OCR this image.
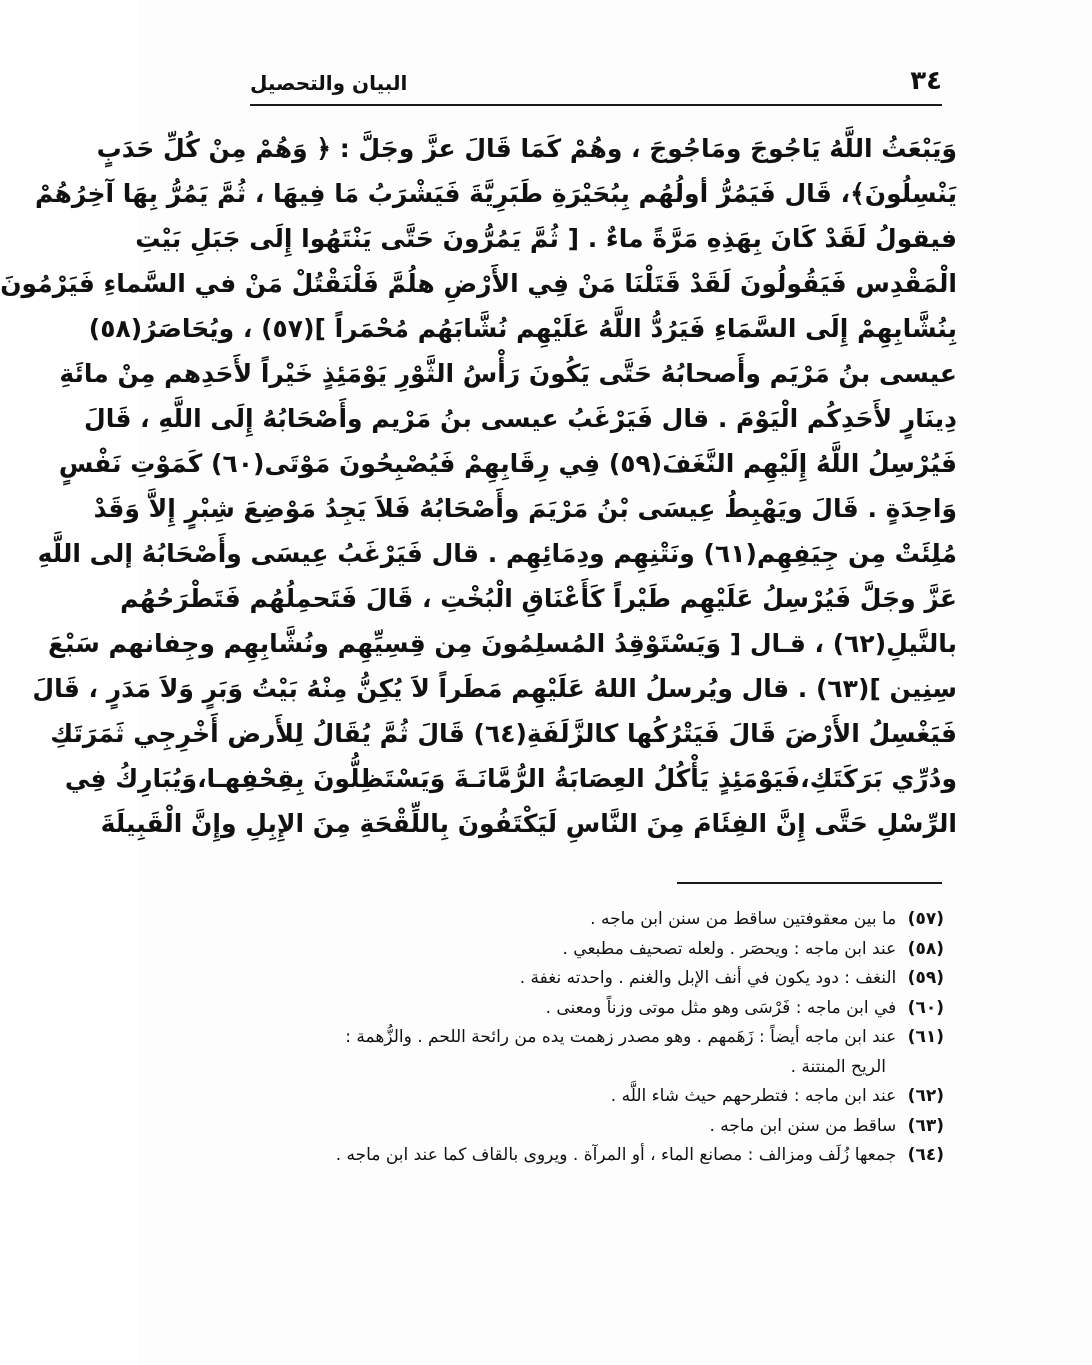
٣٤
البيان والتحصيل
وَيَبْعَثُ اللَّهُ يَاجُوجَ ومَاجُوجَ ، وهُمْ كَمَا قَالَ عزَّ وجَلَّ : ﴿ وَهُمْ مِنْ كُلِّ حَدَبٍ
يَنْسِلُونَ﴾، قَال فَيَمُرُّ أولُهُم بِبُحَيْرَةِ طَبَرِيَّةَ فَيَشْرَبُ مَا فِيهَا ، ثُمَّ يَمُرُّ بِهَا آخِرُهُمْ
فيقولُ لَقَدْ كَانَ بِهَذِهِ مَرَّةً ماءٌ . [ ثُمَّ يَمُرُّونَ حَتَّى يَنْتَهُوا إِلَى جَبَلِ بَيْتِ
الْمَقْدِس فَيَقُولُونَ لَقَدْ قَتَلْنَا مَنْ فِي الأَرْضِ هلُمَّ فَلْنَقْتُلْ مَنْ في السَّماءِ فَيَرْمُونَ
بِنُشَّابِهِمْ إِلَى السَّمَاءِ فَيَرُدُّ اللَّهُ عَلَيْهِم نُشَّابَهُم مُحْمَراً ](٥٧) ، ويُحَاصَرُ(٥٨)
عيسى بنُ مَرْيَم وأَصحابُهُ حَتَّى يَكُونَ رَأْسُ الثَّوْرِ يَوْمَئِذٍ خَيْراً لأَحَدِهم مِنْ مائَةِ
دِينَارٍ لأَحَدِكُم الْيَوْمَ . قال فَيَرْغَبُ عيسى بنُ مَرْيم وأَصْحَابُهُ إِلَى اللَّهِ ، قَالَ
فَيُرْسِلُ اللَّهُ إِلَيْهِم النَّغَفَ(٥٩) فِي رِقَابِهِمْ فَيُصْبِحُونَ مَوْتَى(٦٠) كَمَوْتِ نَفْسٍ
وَاحِدَةٍ . قَالَ ويَهْبِطُ عِيسَى بْنُ مَرْيَمَ وأَصْحَابُهُ فَلاَ يَجِدُ مَوْضِعَ شِبْرٍ إِلاَّ وَقَدْ
مُلِئَتْ مِن جِيَفِهِم(٦١) ونَتْنِهِم ودِمَائِهِم . قال فَيَرْغَبُ عِيسَى وأَصْحَابُهُ إلى اللَّهِ
عَزَّ وجَلَّ فَيُرْسِلُ عَلَيْهِم طَيْراً كَأَعْنَاقِ الْبُخْتِ ، قَالَ فَتَحمِلُهُم فَتَطْرَحُهُم
بالنَّيلِ(٦٢) ، قـال [ وَيَسْتَوْقِدُ المُسلِمُونَ مِن قِسِيِّهِم ونُشَّابِهِم وجِفانهم سَبْعَ
سِنِين ](٦٣) . قال ويُرسلُ اللهُ عَلَيْهِم مَطَراً لاَ يُكِنُّ مِنْهُ بَيْتُ وَبَرٍ وَلاَ مَدَرٍ ، قَالَ
فَيَغْسِلُ الأَرْضَ قَالَ فَيَتْرُكُها كالزَّلَفَةِ(٦٤) قَالَ ثُمَّ يُقَالُ لِلأَرض أَخْرِجِي ثَمَرَتَكِ
ودُرِّي بَرَكَتَكِ،فَيَوْمَئِذٍ يَأْكُلُ العِصَابَةُ الرُّمَّانَـةَ وَيَسْتَظِلُّونَ بِقِحْفِهـا،وَيُبَارِكُ فِي
الرِّسْلِ حَتَّى إِنَّ الفِئَامَ مِنَ النَّاسِ لَيَكْتَفُونَ بِاللِّقْحَةِ مِنَ الإِبِلِ وإِنَّ الْقَبِيلَةَ
(٥٧) ما بين معقوفتين ساقط من سنن ابن ماجه .
(٥٨) عند ابن ماجه : ويحصَر . ولعله تصحيف مطبعي .
(٥٩) النغف : دود يكون في أنف الإبل والغنم . واحدته نغفة .
(٦٠) في ابن ماجه : فَرْسَى وهو مثل موتى وزناً ومعنى .
(٦١) عند ابن ماجه أيضاً : زَهَمهم . وهو مصدر زهمت يده من رائحة اللحم . والزُّهمة :
الريح المنتنة .
(٦٢) عند ابن ماجه : فتطرحهم حيث شاء اللَّه .
(٦٣) ساقط من سنن ابن ماجه .
(٦٤) جمعها زُلَف ومزالف : مصانع الماء ، أو المرآة . ويروى بالقاف كما عند ابن ماجه .
